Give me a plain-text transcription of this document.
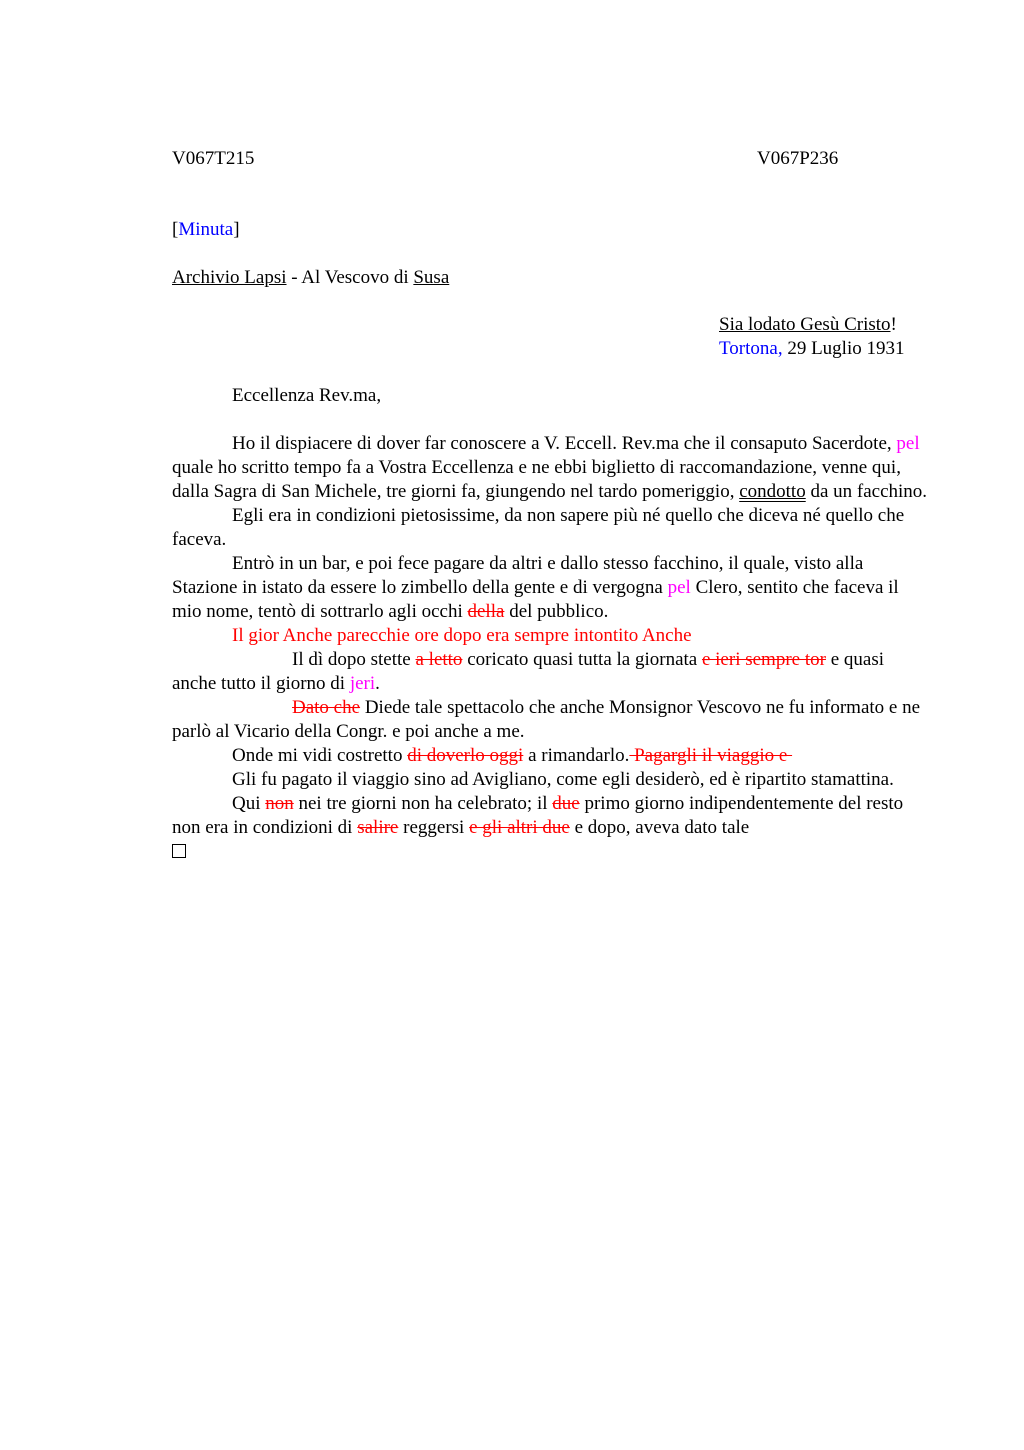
V067T215	V067P236
[Minuta]
Archivio Lapsi - Al Vescovo di Susa
Sia lodato Gesù Cristo!
Tortona, 29 Luglio 1931
Eccellenza Rev.ma,

Ho il dispiacere di dover far conoscere a V. Eccell. Rev.ma che il consaputo Sacerdote, pel quale ho scritto tempo fa a Vostra Eccellenza e ne ebbi biglietto di raccomandazione, venne qui, dalla Sagra di San Michele, tre giorni fa, giungendo nel tardo pomeriggio, condotto da un facchino.

Egli era in condizioni pietosissime, da non sapere più né quello che diceva né quello che faceva.

Entrò in un bar, e poi fece pagare da altri e dallo stesso facchino, il quale, visto alla Stazione in istato da essere lo zimbello della gente e di vergogna pel Clero, sentito che faceva il mio nome, tentò di sottrarlo agli occhi della del pubblico.

Il gior Anche parecchie ore dopo era sempre intontito Anche

Il dì dopo stette a letto coricato quasi tutta la giornata e ieri sempre tor e quasi anche tutto il giorno di jeri.

Dato che Diede tale spettacolo che anche Monsignor Vescovo ne fu informato e ne parlò al Vicario della Congr. e poi anche a me.

Onde mi vidi costretto di doverlo oggi a rimandarlo. Pagargli il viaggio e

Gli fu pagato il viaggio sino ad Avigliano, come egli desiderò, ed è ripartito stamattina.

Qui non nei tre giorni non ha celebrato; il due primo giorno indipendentemente del resto non era in condizioni di salire reggersi e gli altri due e dopo, aveva dato tale
